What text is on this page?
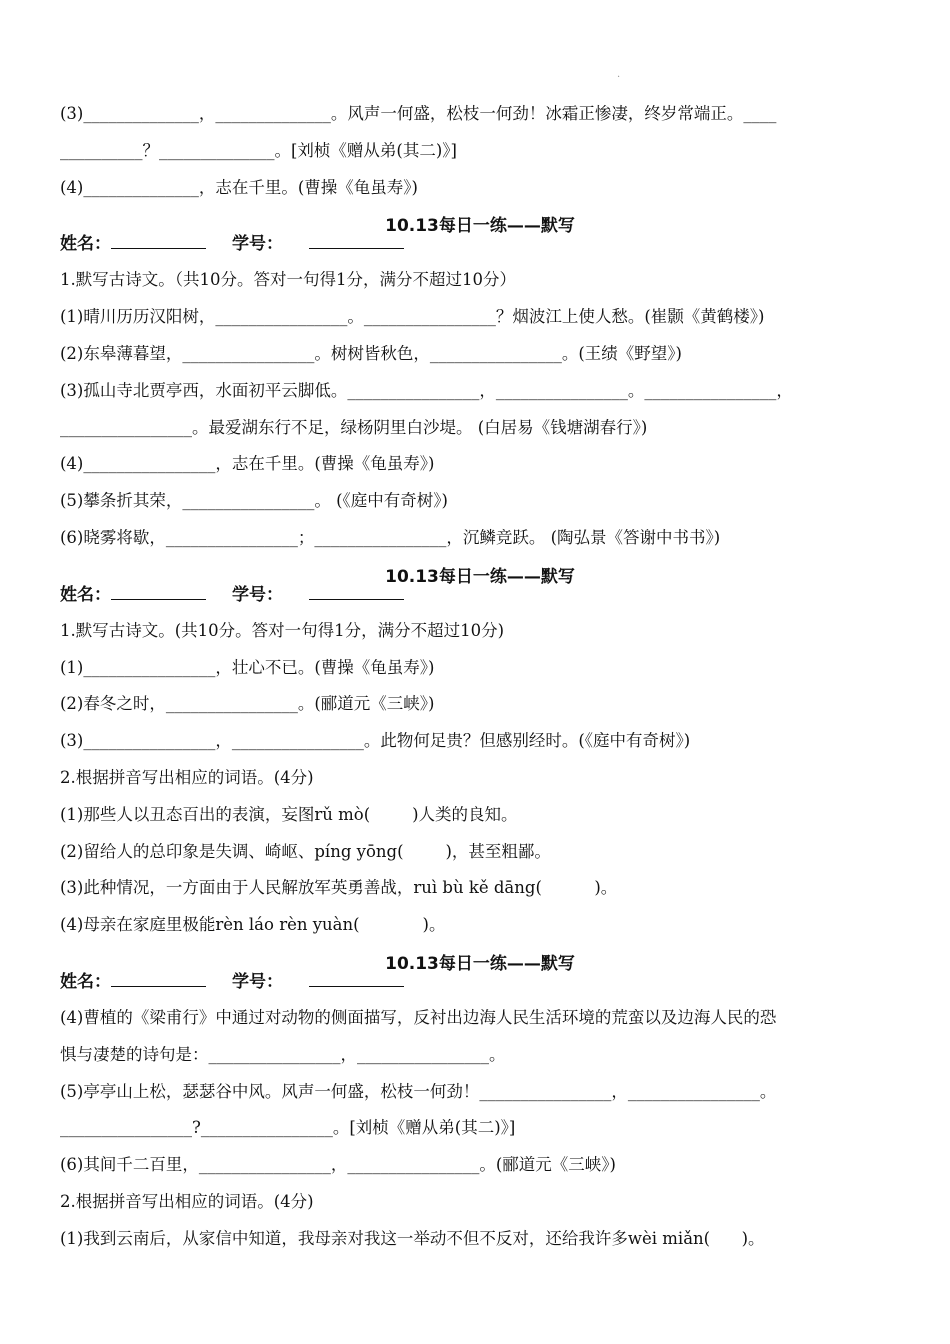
·
(3)______________，______________。风声一何盛，松枝一何劲！冰霜正惨凄，终岁常端正。____
__________？______________。[刘桢《赠从弟(其二)》]
(4)______________，志在千里。(曹操《龟虽寿》)
10.13每日一练——默写
姓名：	学号：
1.默写古诗文。（共10分。答对一句得1分，满分不超过10分）
(1)晴川历历汉阳树，________________。________________？烟波江上使人愁。(崔颢《黄鹤楼》)
(2)东皋薄暮望，________________。树树皆秋色，________________。(王绩《野望》)
(3)孤山寺北贾亭西，水面初平云脚低。________________，________________。________________，
________________。最爱湖东行不足，绿杨阴里白沙堤。 (白居易《钱塘湖春行》)
(4)________________，志在千里。(曹操《龟虽寿》)
(5)攀条折其荣，________________。 (《庭中有奇树》)
(6)晓雾将歇，________________；________________，沉鳞竞跃。 (陶弘景《答谢中书书》)
10.13每日一练——默写
姓名：	学号：
1.默写古诗文。(共10分。答对一句得1分，满分不超过10分)
(1)________________，壮心不已。(曹操《龟虽寿》)
(2)春冬之时，________________。(郦道元《三峡》)
(3)________________，________________。此物何足贵？但感别经时。(《庭中有奇树》)
2.根据拼音写出相应的词语。(4分)
(1)那些人以丑态百出的表演，妄图rǔ mò(        )人类的良知。
(2)留给人的总印象是失调、崎岖、píng yōng(        )，甚至粗鄙。
(3)此种情况，一方面由于人民解放军英勇善战，ruì bù kě dāng(          )。
(4)母亲在家庭里极能rèn láo rèn yuàn(            )。
10.13每日一练——默写
姓名：	学号：
(4)曹植的《梁甫行》中通过对动物的侧面描写，反衬出边海人民生活环境的荒蛮以及边海人民的恐
惧与凄楚的诗句是：________________，________________。
(5)亭亭山上松，瑟瑟谷中风。风声一何盛，松枝一何劲！________________，________________。
________________?________________。[刘桢《赠从弟(其二)》]
(6)其间千二百里，________________，________________。(郦道元《三峡》)
2.根据拼音写出相应的词语。(4分)
(1)我到云南后，从家信中知道，我母亲对我这一举动不但不反对，还给我许多wèi miǎn(      )。
